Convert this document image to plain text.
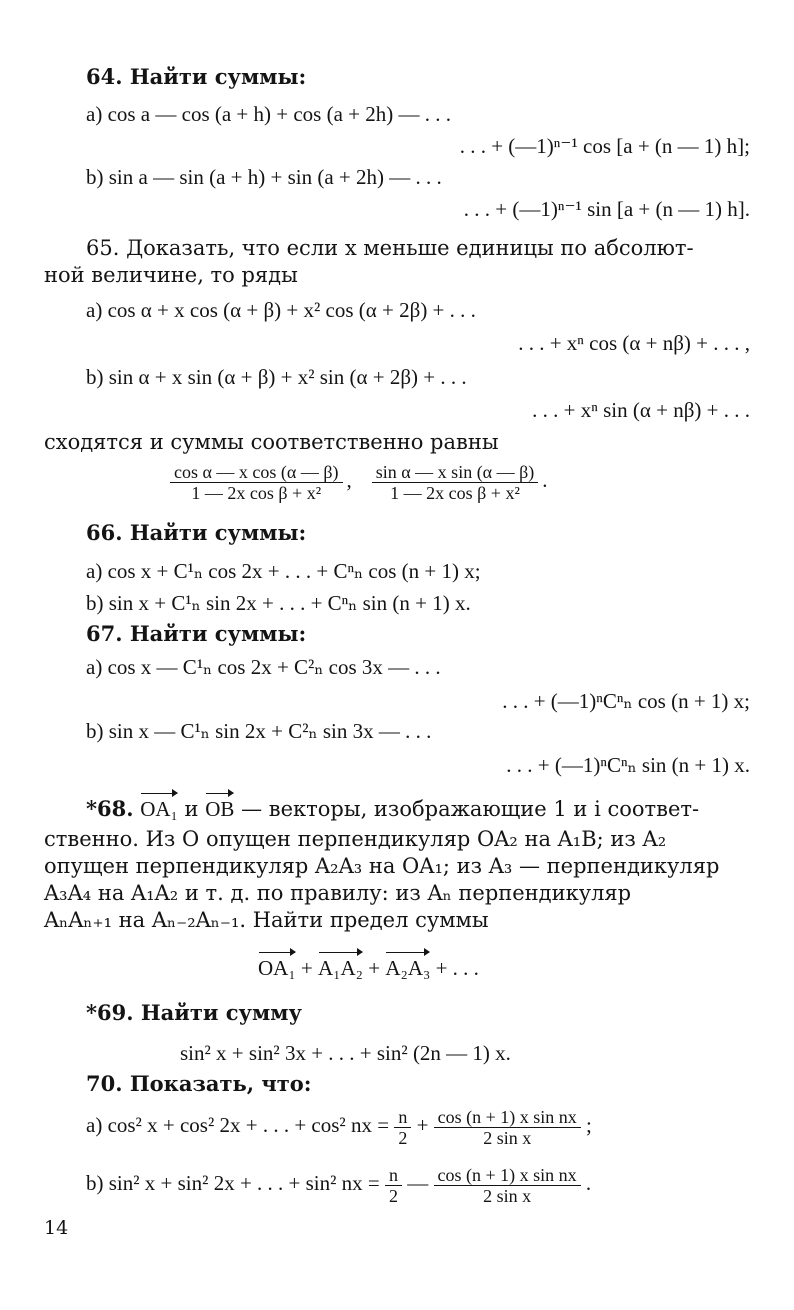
64. Найти суммы:
a) cos a — cos (a + h) + cos (a + 2h) — . . .
. . . + (—1)ⁿ⁻¹ cos [a + (n — 1) h];
b) sin a — sin (a + h) + sin (a + 2h) — . . .
. . . + (—1)ⁿ⁻¹ sin [a + (n — 1) h].
65. Доказать, что если x меньше единицы по абсолют-
ной величине, то ряды
a) cos α + x cos (α + β) + x² cos (α + 2β) + . . .
. . . + xⁿ cos (α + nβ) + . . . ,
b) sin α + x sin (α + β) + x² sin (α + 2β) + . . .
. . . + xⁿ sin (α + nβ) + . . .
сходятся и суммы соответственно равны
$\frac{\text{cos α — x cos (α — β)}}{\text{1 — 2x cos β + x²}}$ , $\frac{\text{sin α — x sin (α — β)}}{\text{1 — 2x cos β + x²}}$ .
66. Найти суммы:
a) cos x + C¹ₙ cos 2x + . . . + Cⁿₙ cos (n + 1) x;
b) sin x + C¹ₙ sin 2x + . . . + Cⁿₙ sin (n + 1) x.
67. Найти суммы:
a) cos x — C¹ₙ cos 2x + C²ₙ cos 3x — . . .
. . . + (—1)ⁿCⁿₙ cos (n + 1) x;
b) sin x — C¹ₙ sin 2x + C²ₙ sin 3x — . . .
. . . + (—1)ⁿCⁿₙ sin (n + 1) x.
*68. OA₁ и OB — векторы, изображающие 1 и i соответ-
ственно. Из O опущен перпендикуляр OA₂ на A₁B; из A₂
опущен перпендикуляр A₂A₃ на OA₁; из A₃ — перпендикуляр
A₃A₄ на A₁A₂ и т. д. по правилу: из Aₙ перпендикуляр
AₙAₙ₊₁ на Aₙ₋₂Aₙ₋₁. Найти предел суммы
OA₁ + A₁A₂ + A₂A₃ + . . .
*69. Найти сумму
sin² x + sin² 3x + . . . + sin² (2n — 1) x.
70. Показать, что:
a) cos² x + cos² 2x + . . . + cos² nx = $\frac{n}{2} + \frac{\text{cos (n + 1) x sin nx}}{\text{2 sin x}}$ ;
b) sin² x + sin² 2x + . . . + sin² nx = $\frac{n}{2}$ — $\frac{\text{cos (n + 1) x sin nx}}{\text{2 sin x}}$ .
14
